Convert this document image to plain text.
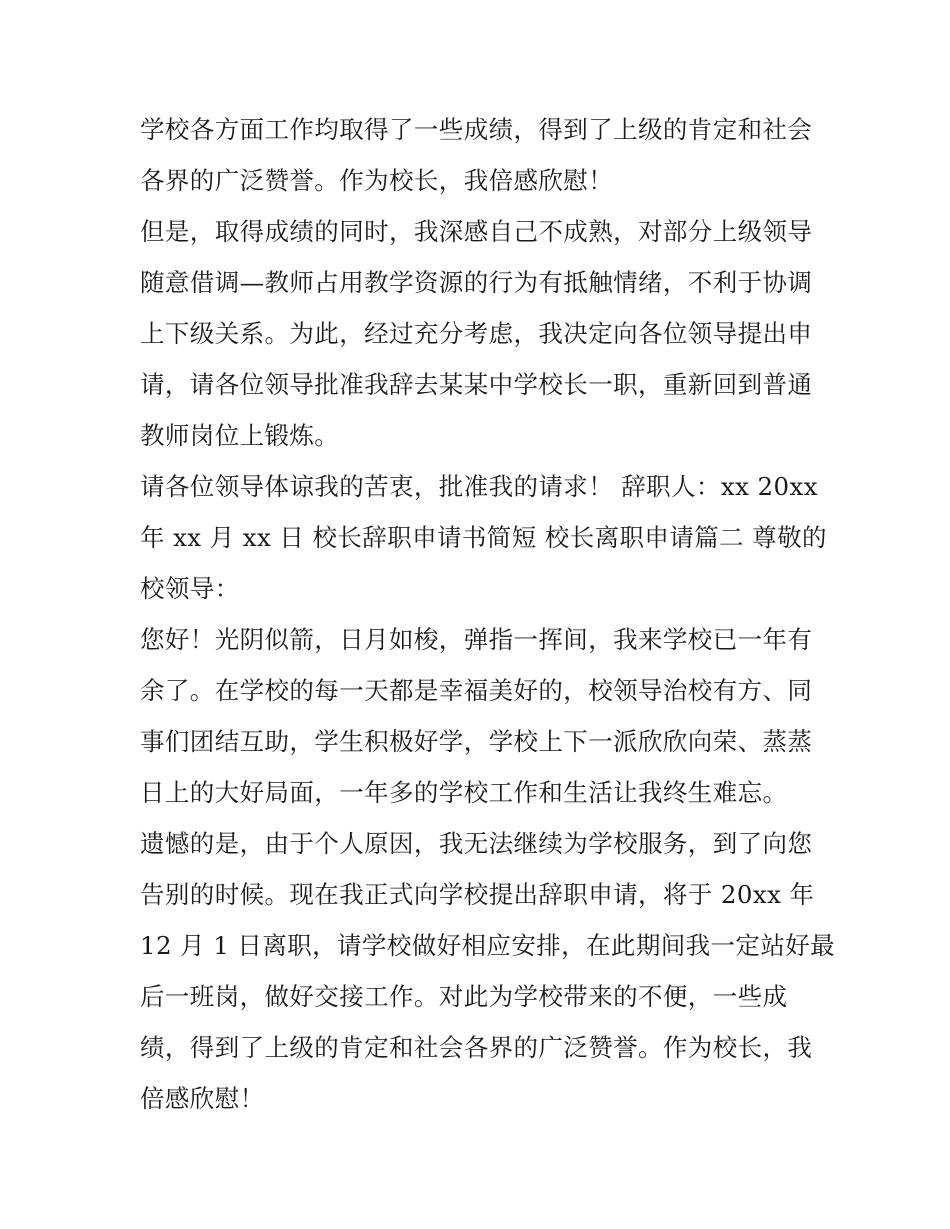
学校各方面工作均取得了一些成绩，得到了上级的肯定和社会
各界的广泛赞誉。作为校长，我倍感欣慰！
但是，取得成绩的同时，我深感自己不成熟，对部分上级领导
随意借调—教师占用教学资源的行为有抵触情绪，不利于协调
上下级关系。为此，经过充分考虑，我决定向各位领导提出申
请，请各位领导批准我辞去某某中学校长一职，重新回到普通
教师岗位上锻炼。
请各位领导体谅我的苦衷，批准我的请求！ 辞职人：xx 20xx
年 xx 月 xx 日 校长辞职申请书简短 校长离职申请篇二 尊敬的
校领导：
您好！光阴似箭，日月如梭，弹指一挥间，我来学校已一年有
余了。在学校的每一天都是幸福美好的，校领导治校有方、同
事们团结互助，学生积极好学，学校上下一派欣欣向荣、蒸蒸
日上的大好局面，一年多的学校工作和生活让我终生难忘。
遗憾的是，由于个人原因，我无法继续为学校服务，到了向您
告别的时候。现在我正式向学校提出辞职申请，将于 20xx 年
12 月 1 日离职，请学校做好相应安排，在此期间我一定站好最
后一班岗，做好交接工作。对此为学校带来的不便，一些成
绩，得到了上级的肯定和社会各界的广泛赞誉。作为校长，我
倍感欣慰！
